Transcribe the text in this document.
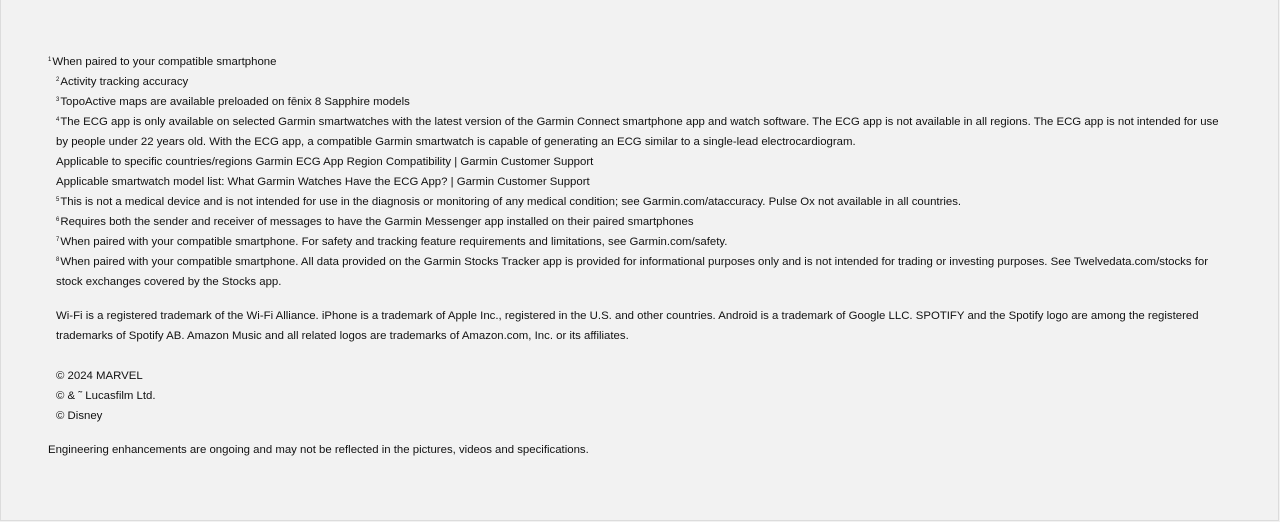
$^1$When paired to your compatible smartphone
$^2$Activity tracking accuracy
$^3$TopoActive maps are available preloaded on fēnix 8 Sapphire models
$^4$The ECG app is only available on selected Garmin smartwatches with the latest version of the Garmin Connect smartphone app and watch software. The ECG app is not available in all regions. The ECG app is not intended for use by people under 22 years old. With the ECG app, a compatible Garmin smartwatch is capable of generating an ECG similar to a single-lead electrocardiogram.
Applicable to specific countries/regions Garmin ECG App Region Compatibility | Garmin Customer Support
Applicable smartwatch model list: What Garmin Watches Have the ECG App? | Garmin Customer Support
$^5$This is not a medical device and is not intended for use in the diagnosis or monitoring of any medical condition; see Garmin.com/ataccuracy. Pulse Ox not available in all countries.
$^6$Requires both the sender and receiver of messages to have the Garmin Messenger app installed on their paired smartphones
$^7$When paired with your compatible smartphone. For safety and tracking feature requirements and limitations, see Garmin.com/safety.
$^8$When paired with your compatible smartphone. All data provided on the Garmin Stocks Tracker app is provided for informational purposes only and is not intended for trading or investing purposes. See Twelvedata.com/stocks for stock exchanges covered by the Stocks app.
Wi-Fi is a registered trademark of the Wi-Fi Alliance. iPhone is a trademark of Apple Inc., registered in the U.S. and other countries. Android is a trademark of Google LLC. SPOTIFY and the Spotify logo are among the registered trademarks of Spotify AB. Amazon Music and all related logos are trademarks of Amazon.com, Inc. or its affiliates.
© 2024 MARVEL
© & ˜ Lucasfilm Ltd.
© Disney
Engineering enhancements are ongoing and may not be reflected in the pictures, videos and specifications.
